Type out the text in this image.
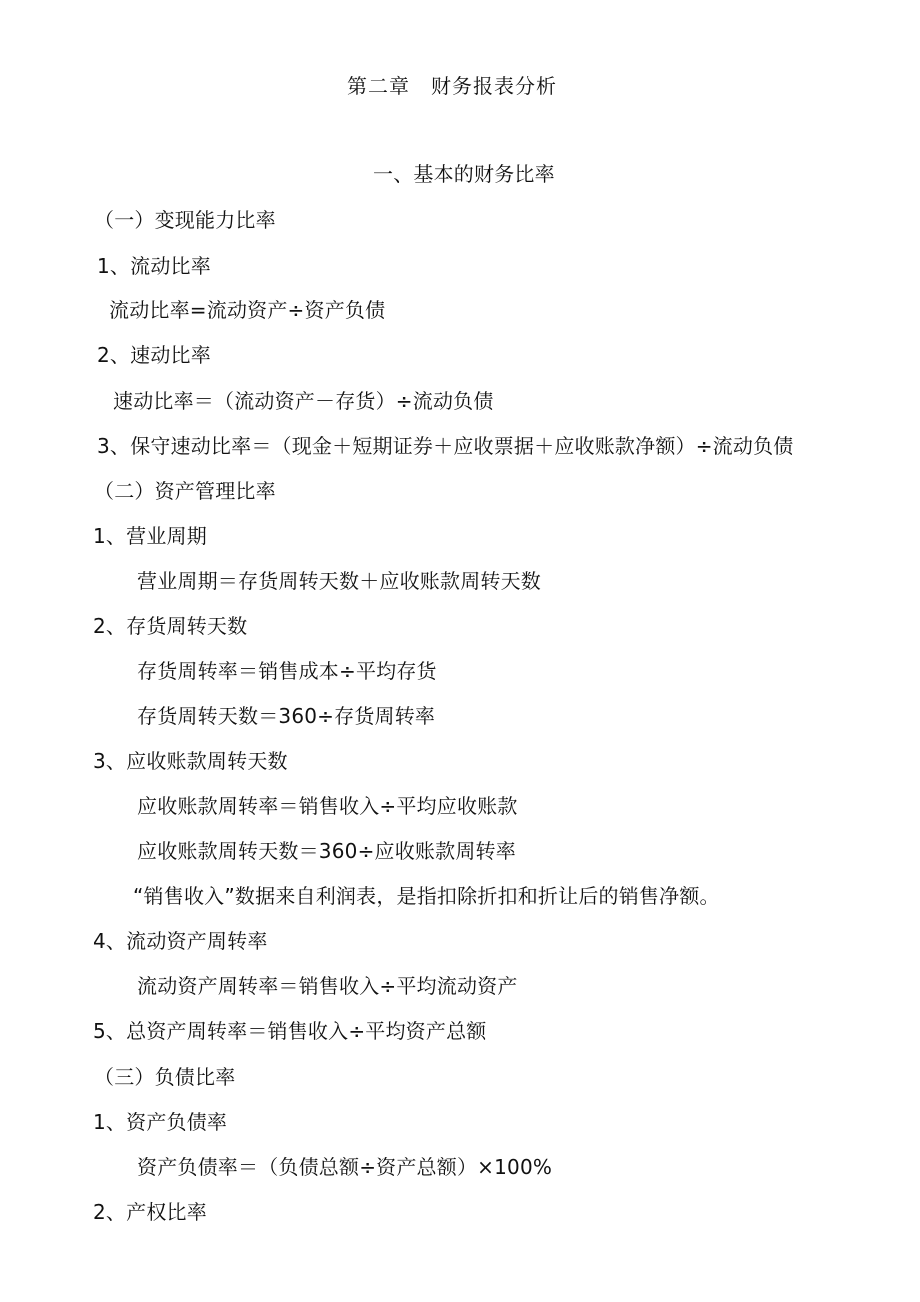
第二章　财务报表分析
一、基本的财务比率
（一）变现能力比率
1、流动比率
流动比率=流动资产÷资产负债
2、速动比率
速动比率＝（流动资产－存货）÷流动负债
3、保守速动比率＝（现金＋短期证券＋应收票据＋应收账款净额）÷流动负债
（二）资产管理比率
1、营业周期
营业周期＝存货周转天数＋应收账款周转天数
2、存货周转天数
存货周转率＝销售成本÷平均存货
存货周转天数＝360÷存货周转率
3、应收账款周转天数
应收账款周转率＝销售收入÷平均应收账款
应收账款周转天数＝360÷应收账款周转率
“销售收入”数据来自利润表，是指扣除折扣和折让后的销售净额。
4、流动资产周转率
流动资产周转率＝销售收入÷平均流动资产
5、总资产周转率＝销售收入÷平均资产总额
（三）负债比率
1、资产负债率
资产负债率＝（负债总额÷资产总额）×100%
2、产权比率
